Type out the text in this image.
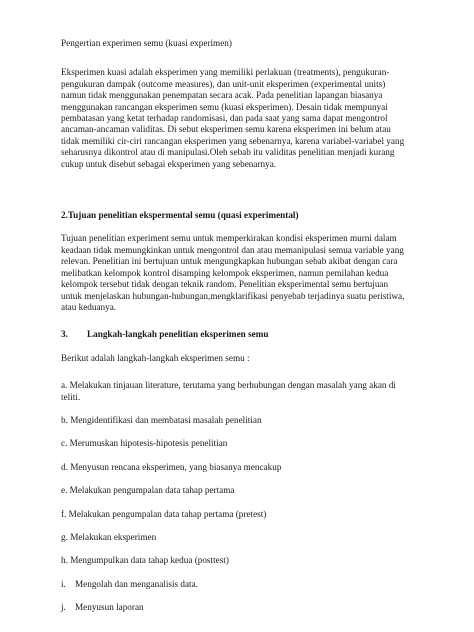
Pengertian experimen semu (kuasi experimen)
Eksperimen kuasi adalah eksperimen yang memiliki perlakuan (treatments), pengukuran-
pengukuran dampak (outcome measures), dan unit-unit eksperimen (experimental units)
namun tidak menggunakan penempatan secara acak. Pada penelitian lapangan biasanya
menggunakan rancangan eksperimen semu (kuasi eksperimen). Desain tidak mempunyai
pembatasan yang ketat terhadap randomisasi, dan pada saat yang sama dapat mengontrol
ancaman-ancaman validitas. Di sebut eksperimen semu karena eksperimen ini belum atau
tidak memiliki cir-ciri rancangan eksperimen yang sebenarnya, karena variabel-variabel yang
seharusnya dikontrol atau di manipulasi.Oleh sebab itu validitas penelitian menjadi kurang
cukup untuk disebut sebagai eksperimen yang sebenarnya.
2.Tujuan penelitian ekspermental semu (quasi experimental)
Tujuan penelitian experiment semu untuk memperkirakan kondisi eksperimen murni dalam
keadaan tidak memungkinkan untuk mengontrol dan atau memanipulasi semua variable yang
relevan. Penelitian ini bertujuan untuk mengungkapkan hubungan sebab akibat dengan cara
melibatkan kelompok kontrol disamping kelompok eksperimen, namun pemilahan kedua
kelompok tersebut tidak dengan teknik random. Penelitian eksperimental semu bertujuan
untuk menjelaskan hubungan-hubungan,mengklarifikasi penyebab terjadinya suatu peristiwa,
atau keduanya.
3. Langkah-langkah penelitian eksperimen semu
Berikut adalah langkah-langkah eksperimen semu :
a. Melakukan tinjauan literature, terutama yang berhubungan dengan masalah yang akan di
teliti.
b. Mengidentifikasi dan membatasi masalah penelitian
c. Merumuskan hipotesis-hipotesis penelitian
d. Menyusun rencana eksperimen, yang biasanya mencakup
e. Melakukan pengumpalan data tahap pertama
f. Melakukan pengumpalan data tahap pertama (pretest)
g. Melakukan eksperimen
h. Mengumpulkan data tahap kedua (posttest)
i. Mengolah dan menganalisis data.
j. Menyusun laporan
